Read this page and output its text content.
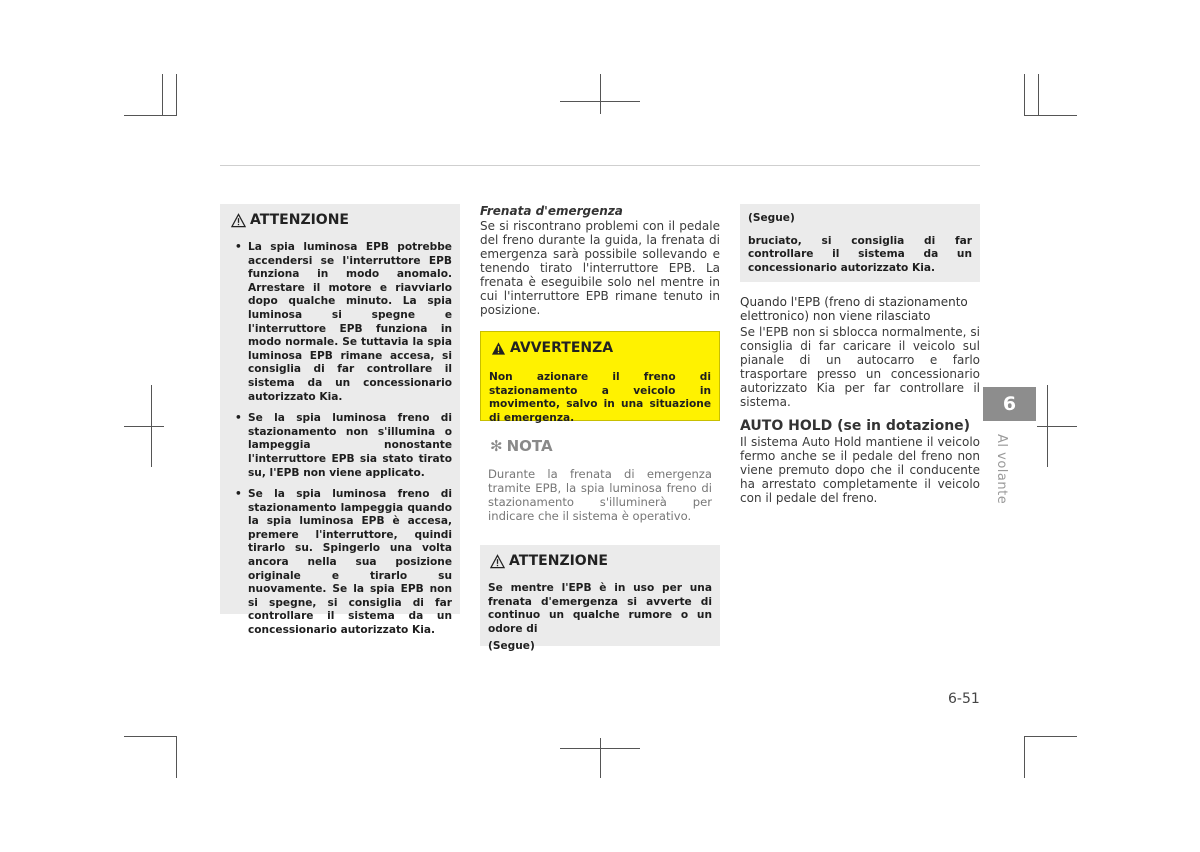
ATTENZIONE
• La spia luminosa EPB potrebbe accendersi se l'interruttore EPB funziona in modo anomalo. Arrestare il motore e riavviarlo dopo qualche minuto. La spia luminosa si spegne e l'interruttore EPB funziona in modo normale. Se tuttavia la spia luminosa EPB rimane accesa, si consiglia di far controllare il sistema da un concessionario autorizzato Kia.
• Se la spia luminosa freno di stazionamento non s'illumina o lampeggia nonostante l'interruttore EPB sia stato tirato su, l'EPB non viene applicato.
• Se la spia luminosa freno di stazionamento lampeggia quando la spia luminosa EPB è accesa, premere l'interruttore, quindi tirarlo su. Spingerlo una volta ancora nella sua posizione originale e tirarlo su nuovamente. Se la spia EPB non si spegne, si consiglia di far controllare il sistema da un concessionario autorizzato Kia.

Frenata d'emergenza

Se si riscontrano problemi con il pedale del freno durante la guida, la frenata di emergenza sarà possibile sollevando e tenendo tirato l'interruttore EPB. La frenata è eseguibile solo nel mentre in cui l'interruttore EPB rimane tenuto in posizione.

AVVERTENZA

Non azionare il freno di stazionamento a veicolo in movimento, salvo in una situazione di emergenza.

✻ NOTA

Durante la frenata di emergenza tramite EPB, la spia luminosa freno di stazionamento s'illuminerà per indicare che il sistema è operativo.

ATTENZIONE

Se mentre l'EPB è in uso per una frenata d'emergenza si avverte di continuo un qualche rumore o un odore di

(Segue)

(Segue)

bruciato, si consiglia di far controllare il sistema da un concessionario autorizzato Kia.

Quando l'EPB (freno di stazionamento elettronico) non viene rilasciato

Se l'EPB non si sblocca normalmente, si consiglia di far caricare il veicolo sul pianale di un autocarro e farlo trasportare presso un concessionario autorizzato Kia per far controllare il sistema.

AUTO HOLD (se in dotazione)

Il sistema Auto Hold mantiene il veicolo fermo anche se il pedale del freno non viene premuto dopo che il conducente ha arrestato completamente il veicolo con il pedale del freno.

6
Al volante
6-51
